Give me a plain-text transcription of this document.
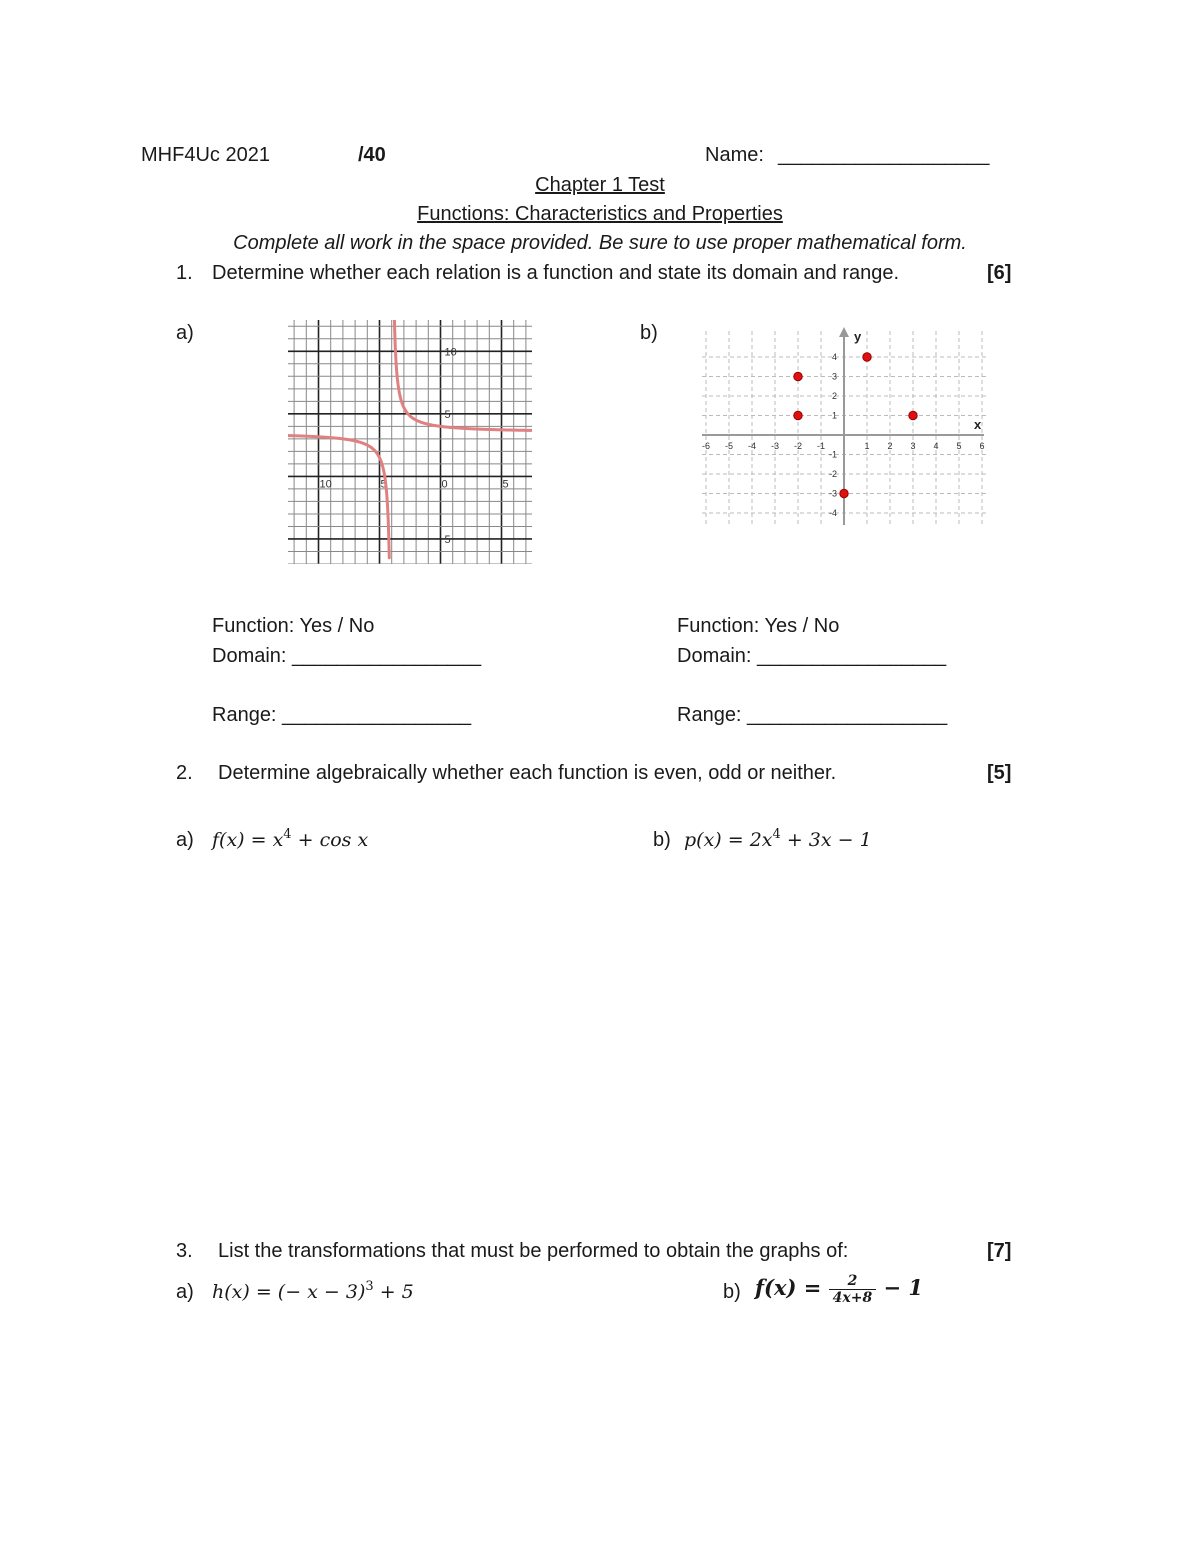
MHF4Uc 2021	/40	Name: ___________________
Chapter 1 Test
Functions: Characteristics and Properties
Complete all work in the space provided. Be sure to use proper mathematical form.
1. Determine whether each relation is a function and state its domain and range.	[6]
a)	b)
10	5	0	5
10
5
5
x
y
-6 -5 -4 -3 -2 -1	1 2 3 4 5 6
4
3
2
1
-1
-2
-3
-4
Function: Yes / No
Domain: _________________
Range: _________________
Function: Yes / No
Domain: _________________
Range: __________________
2. Determine algebraically whether each function is even, odd or neither.	[5]
a) $f(x) = x^4 + \cos x$	b) $p(x) = 2x^4 + 3x - 1$
3. List the transformations that must be performed to obtain the graphs of:	[7]
a) h(x) = (− x − 3)$^3$ + 5	b) $f(x) = \frac{2}{4x+8} - 1$
